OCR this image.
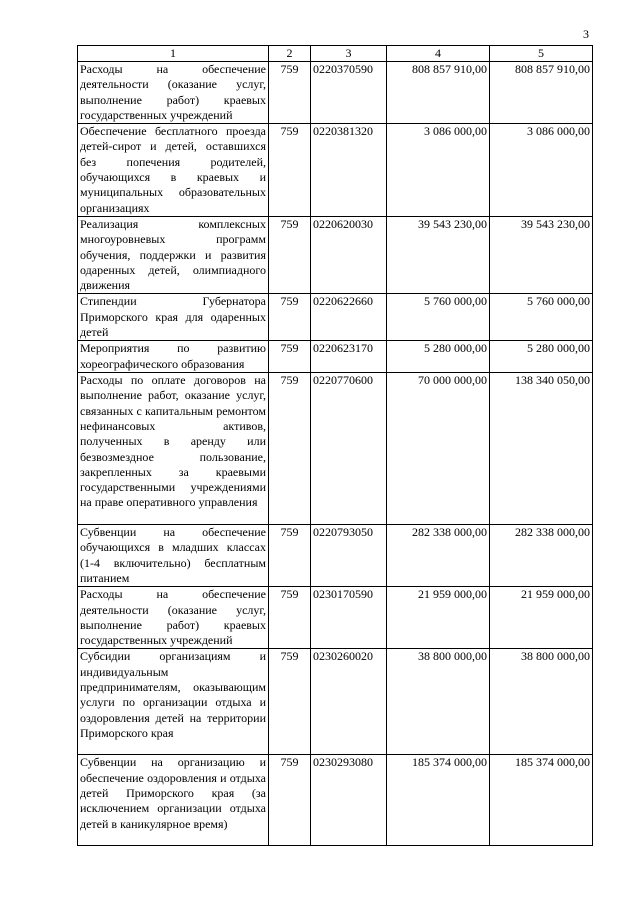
3
1	2	3	4	5
Расходы на обеспечение деятельности (оказание услуг, выполнение работ) краевых государственных учреждений	759	0220370590	808 857 910,00	808 857 910,00
Обеспечение бесплатного проезда детей-сирот и детей, оставшихся без попечения родителей, обучающихся в краевых и муниципальных образовательных организациях	759	0220381320	3 086 000,00	3 086 000,00
Реализация комплексных многоуровневых программ обучения, поддержки и развития одаренных детей, олимпиадного движения	759	0220620030	39 543 230,00	39 543 230,00
Стипендии Губернатора Приморского края для одаренных детей	759	0220622660	5 760 000,00	5 760 000,00
Мероприятия по развитию хореографического образования	759	0220623170	5 280 000,00	5 280 000,00
Расходы по оплате договоров на выполнение работ, оказание услуг, связанных с капитальным ремонтом нефинансовых активов, полученных в аренду или безвозмездное пользование, закрепленных за краевыми государственными учреждениями на праве оперативного управления	759	0220770600	70 000 000,00	138 340 050,00
Субвенции на обеспечение обучающихся в младших классах (1-4 включительно) бесплатным питанием	759	0220793050	282 338 000,00	282 338 000,00
Расходы на обеспечение деятельности (оказание услуг, выполнение работ) краевых государственных учреждений	759	0230170590	21 959 000,00	21 959 000,00
Субсидии организациям и индивидуальным предпринимателям, оказывающим услуги по организации отдыха и оздоровления детей на территории Приморского края	759	0230260020	38 800 000,00	38 800 000,00
Субвенции на организацию и обеспечение оздоровления и отдыха детей Приморского края (за исключением организации отдыха детей в каникулярное время)	759	0230293080	185 374 000,00	185 374 000,00
